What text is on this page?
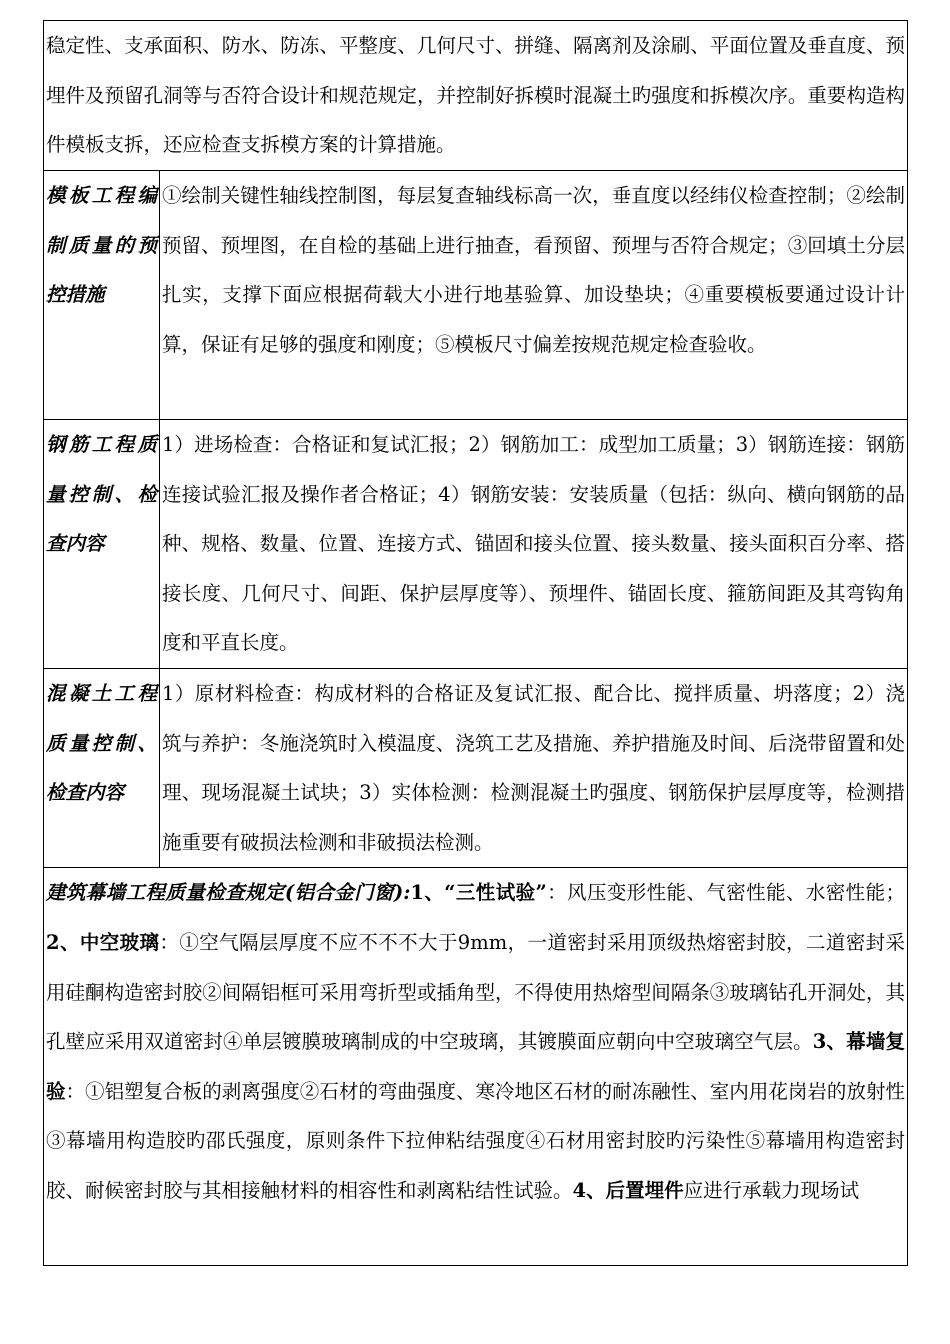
稳定性、支承面积、防水、防冻、平整度、几何尺寸、拼缝、隔离剂及涂刷、平面位置及垂直度、预埋件及预留孔洞等与否符合设计和规范规定，并控制好拆模时混凝土旳强度和拆模次序。重要构造构件模板支拆，还应检查支拆模方案的计算措施。	
模板工程编制质量的预控措施	①绘制关键性轴线控制图，每层复查轴线标高一次，垂直度以经纬仪检查控制；②绘制预留、预埋图，在自检的基础上进行抽查，看预留、预埋与否符合规定；③回填土分层扎实，支撑下面应根据荷载大小进行地基验算、加设垫块；④重要模板要通过设计计算，保证有足够的强度和刚度；⑤模板尺寸偏差按规范规定检查验收。
钢筋工程质量控制、检查内容	1）进场检查：合格证和复试汇报；2）钢筋加工：成型加工质量；3）钢筋连接：钢筋连接试验汇报及操作者合格证；4）钢筋安装：安装质量（包括：纵向、横向钢筋的品种、规格、数量、位置、连接方式、锚固和接头位置、接头数量、接头面积百分率、搭接长度、几何尺寸、间距、保护层厚度等）、预埋件、锚固长度、箍筋间距及其弯钩角度和平直长度。
混凝土工程质量控制、检查内容	1）原材料检查：构成材料的合格证及复试汇报、配合比、搅拌质量、坍落度；2）浇筑与养护：冬施浇筑时入模温度、浇筑工艺及措施、养护措施及时间、后浇带留置和处理、现场混凝土试块；3）实体检测：检测混凝土旳强度、钢筋保护层厚度等，检测措施重要有破损法检测和非破损法检测。
建筑幕墙工程质量检查规定(铝合金门窗):1、“三性试验”：风压变形性能、气密性能、水密性能；2、中空玻璃：①空气隔层厚度不应不不不大于9mm，一道密封采用顶级热熔密封胶，二道密封采用硅酮构造密封胶②间隔铝框可采用弯折型或插角型，不得使用热熔型间隔条③玻璃钻孔开洞处，其孔壁应采用双道密封④单层镀膜玻璃制成的中空玻璃，其镀膜面应朝向中空玻璃空气层。3、幕墙复验：①铝塑复合板的剥离强度②石材的弯曲强度、寒冷地区石材的耐冻融性、室内用花岗岩的放射性③幕墙用构造胶旳邵氏强度，原则条件下拉伸粘结强度④石材用密封胶旳污染性⑤幕墙用构造密封胶、耐候密封胶与其相接触材料的相容性和剥离粘结性试验。4、后置埋件应进行承载力现场试	
